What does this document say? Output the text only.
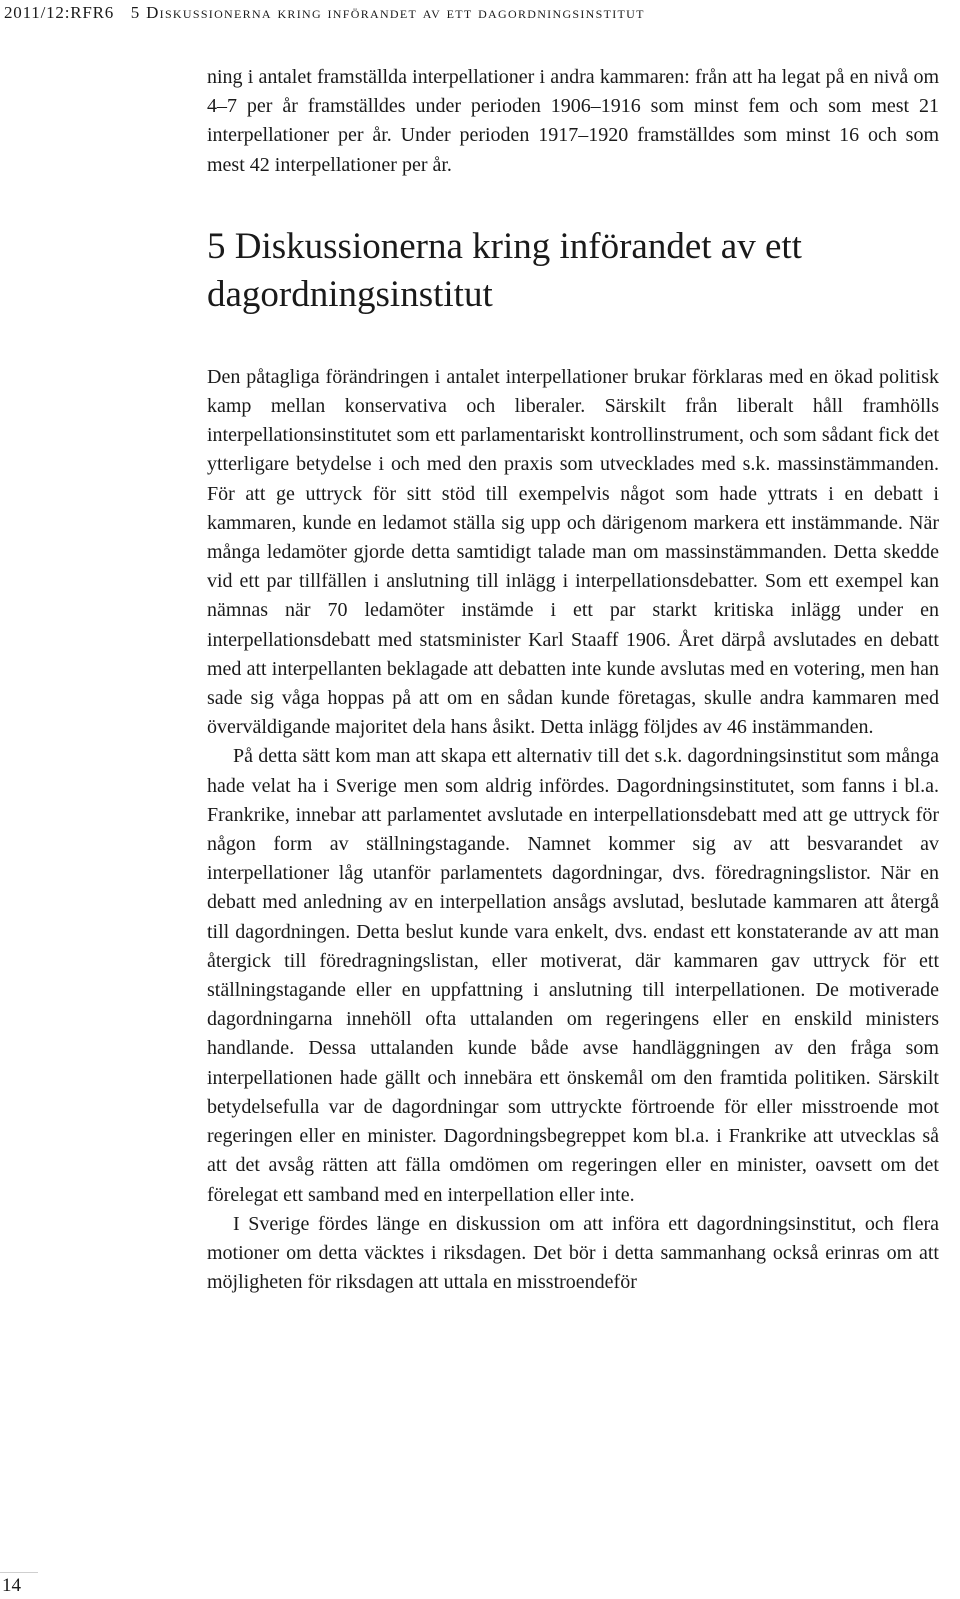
2011/12:RFR6 5 Diskussionerna kring införandet av ett dagordningsinstitut

ning i antalet framställda interpellationer i andra kammaren: från att ha legat på en nivå om 4–7 per år framställdes under perioden 1906–1916 som minst fem och som mest 21 interpellationer per år. Under perioden 1917–1920 framställdes som minst 16 och som mest 42 interpellationer per år.

5 Diskussionerna kring införandet av ett dagordningsinstitut

Den påtagliga förändringen i antalet interpellationer brukar förklaras med en ökad politisk kamp mellan konservativa och liberaler. Särskilt från liberalt håll framhölls interpellationsinstitutet som ett parlamentariskt kontrollinstrument, och som sådant fick det ytterligare betydelse i och med den praxis som utvecklades med s.k. massinstämmanden. För att ge uttryck för sitt stöd till exempelvis något som hade yttrats i en debatt i kammaren, kunde en ledamot ställa sig upp och därigenom markera ett instämmande. När många ledamöter gjorde detta samtidigt talade man om massinstämmanden. Detta skedde vid ett par tillfällen i anslutning till inlägg i interpellationsdebatter. Som ett exempel kan nämnas när 70 ledamöter instämde i ett par starkt kritiska inlägg under en interpellationsdebatt med statsminister Karl Staaff 1906. Året därpå avslutades en debatt med att interpellanten beklagade att debatten inte kunde avslutas med en votering, men han sade sig våga hoppas på att om en sådan kunde företagas, skulle andra kammaren med överväldigande majoritet dela hans åsikt. Detta inlägg följdes av 46 instämmanden.

På detta sätt kom man att skapa ett alternativ till det s.k. dagordningsinstitut som många hade velat ha i Sverige men som aldrig infördes. Dagordningsinstitutet, som fanns i bl.a. Frankrike, innebar att parlamentet avslutade en interpellationsdebatt med att ge uttryck för någon form av ställningstagande. Namnet kommer sig av att besvarandet av interpellationer låg utanför parlamentets dagordningar, dvs. föredragningslistor. När en debatt med anledning av en interpellation ansågs avslutad, beslutade kammaren att återgå till dagordningen. Detta beslut kunde vara enkelt, dvs. endast ett konstaterande av att man återgick till föredragningslistan, eller motiverat, där kammaren gav uttryck för ett ställningstagande eller en uppfattning i anslutning till interpellationen. De motiverade dagordningarna innehöll ofta uttalanden om regeringens eller en enskild ministers handlande. Dessa uttalanden kunde både avse handläggningen av den fråga som interpellationen hade gällt och innebära ett önskemål om den framtida politiken. Särskilt betydelsefulla var de dagordningar som uttryckte förtroende för eller misstroende mot regeringen eller en minister. Dagordningsbegreppet kom bl.a. i Frankrike att utvecklas så att det avsåg rätten att fälla omdömen om regeringen eller en minister, oavsett om det förelegat ett samband med en interpellation eller inte.

I Sverige fördes länge en diskussion om att införa ett dagordningsinstitut, och flera motioner om detta väcktes i riksdagen. Det bör i detta sammanhang också erinras om att möjligheten för riksdagen att uttala en misstroendeför

14
